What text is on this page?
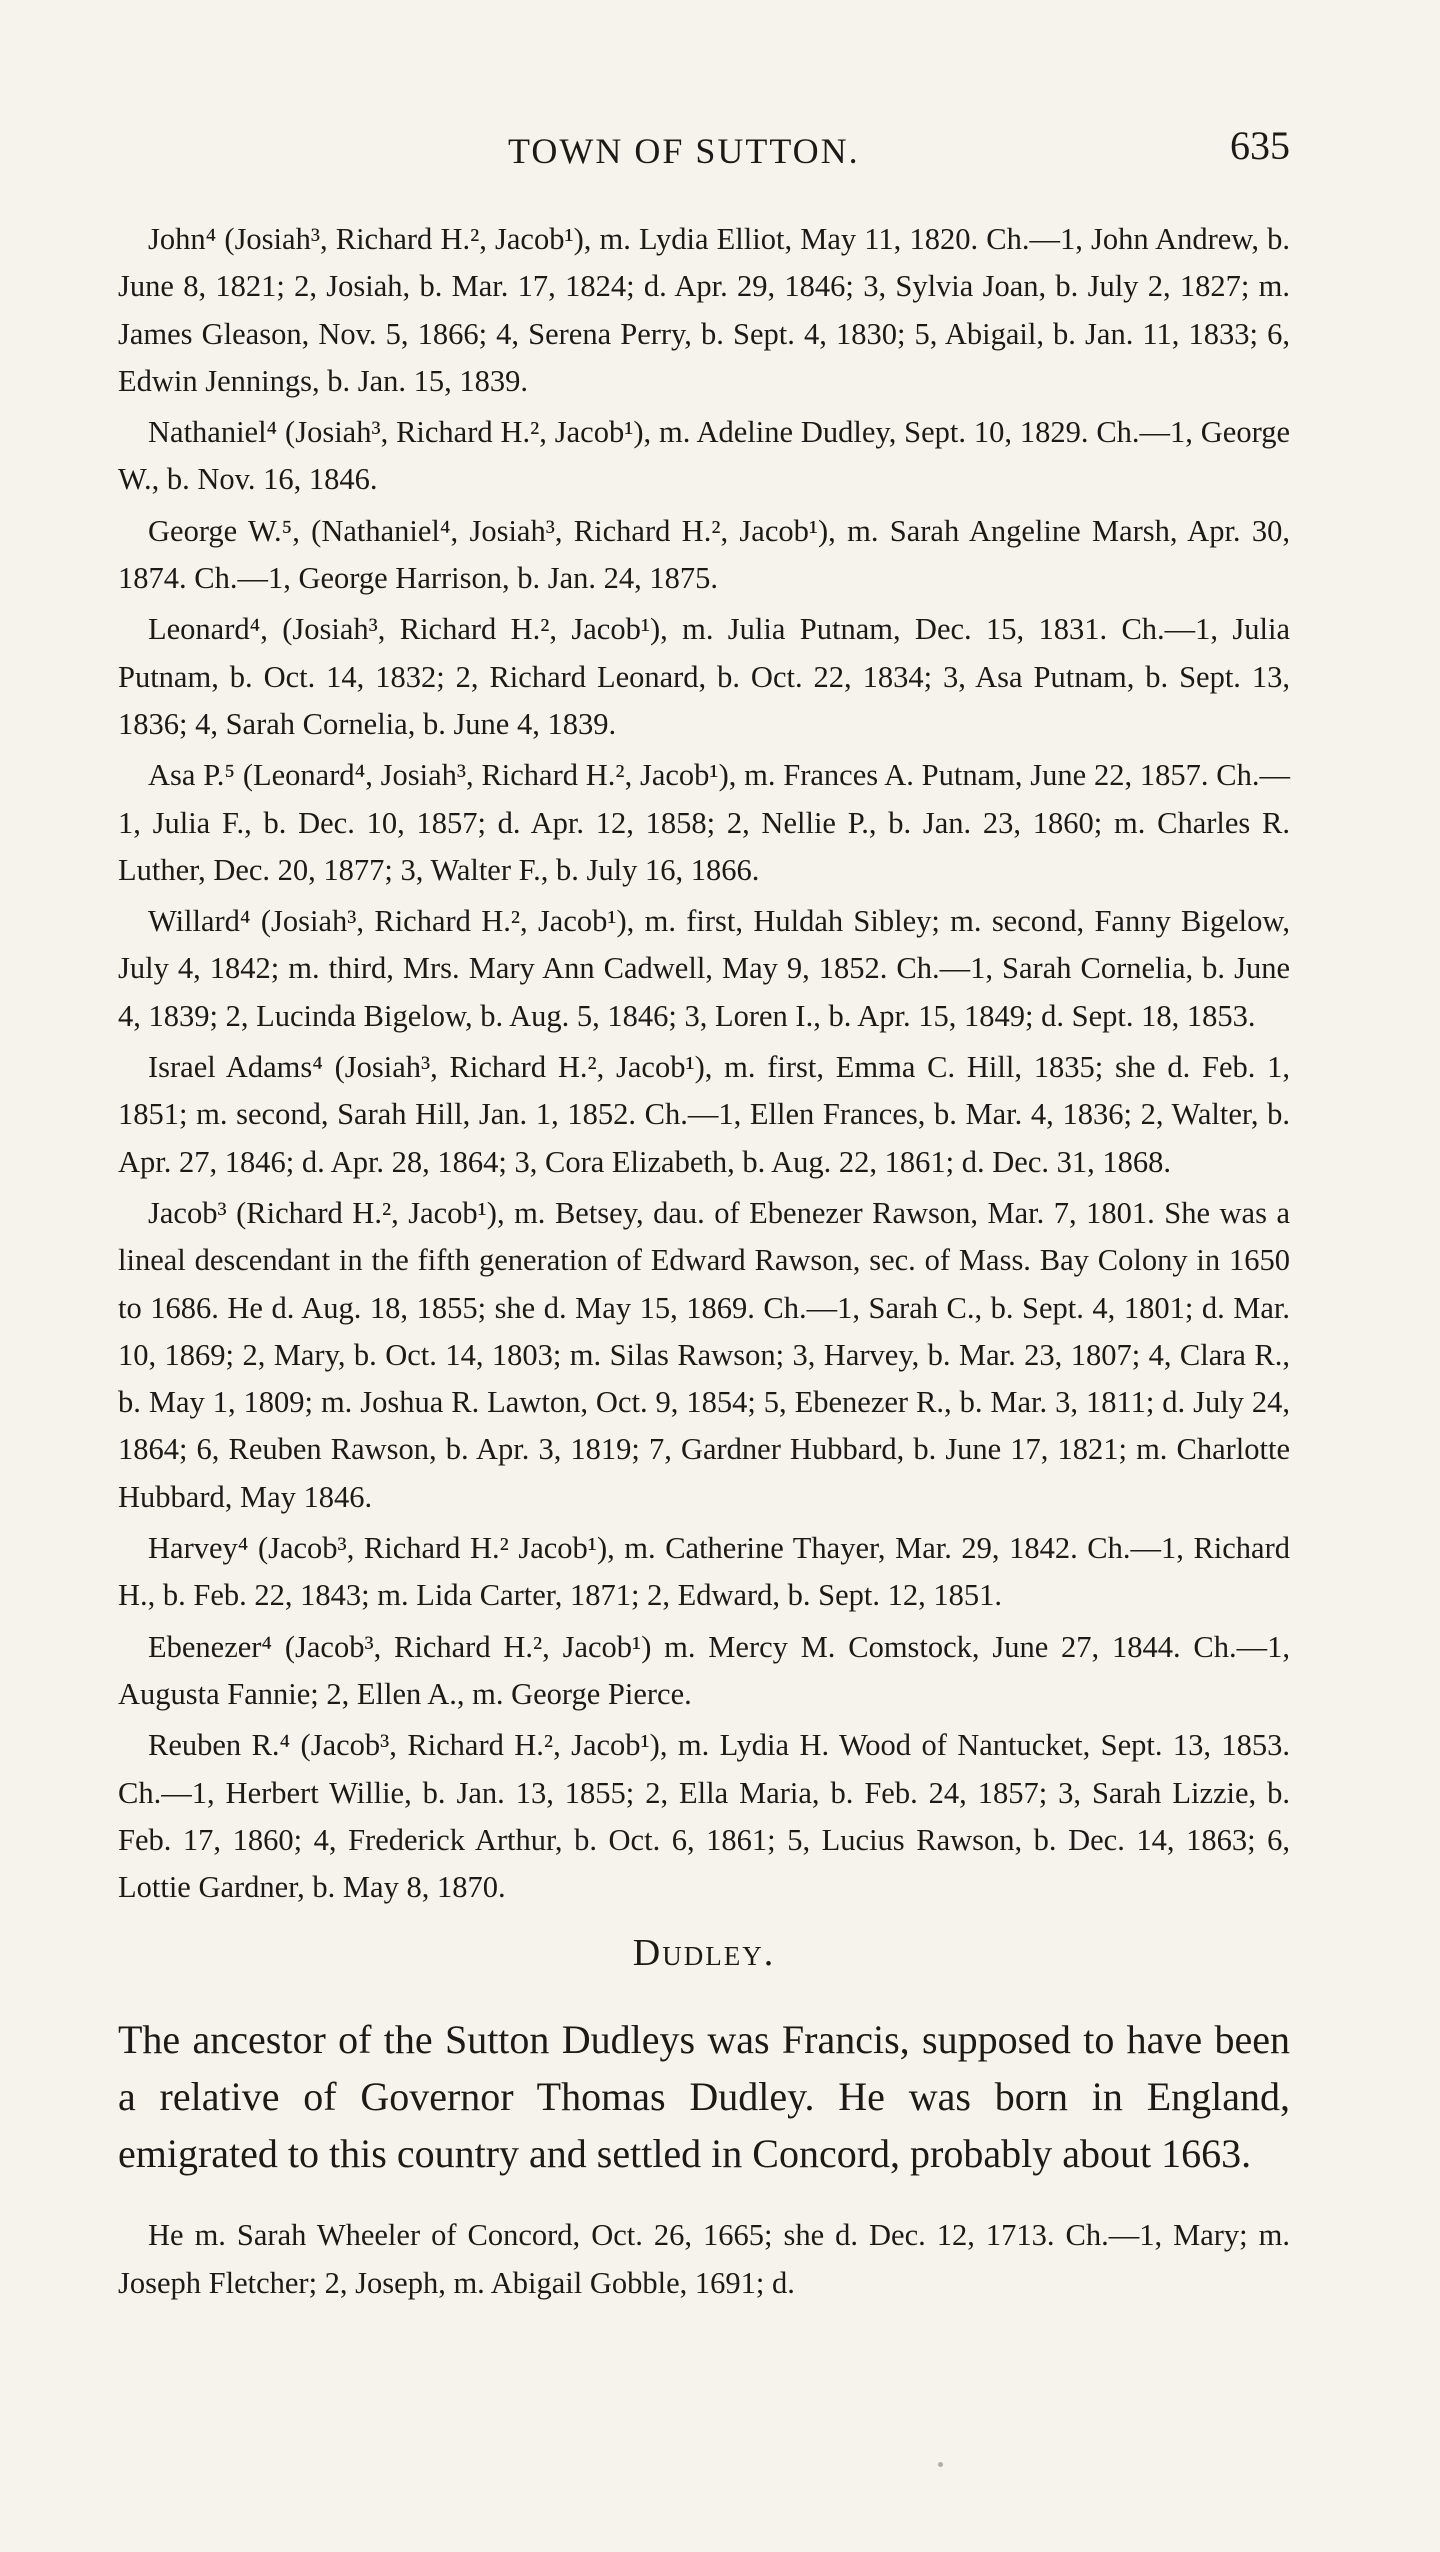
TOWN OF SUTTON.	635

John⁴ (Josiah³, Richard H.², Jacob¹), m. Lydia Elliot, May 11, 1820. Ch.—1, John Andrew, b. June 8, 1821; 2, Josiah, b. Mar. 17, 1824; d. Apr. 29, 1846; 3, Sylvia Joan, b. July 2, 1827; m. James Gleason, Nov. 5, 1866; 4, Serena Perry, b. Sept. 4, 1830; 5, Abigail, b. Jan. 11, 1833; 6, Edwin Jennings, b. Jan. 15, 1839.

Nathaniel⁴ (Josiah³, Richard H.², Jacob¹), m. Adeline Dudley, Sept. 10, 1829. Ch.—1, George W., b. Nov. 16, 1846.

George W.⁵, (Nathaniel⁴, Josiah³, Richard H.², Jacob¹), m. Sarah Angeline Marsh, Apr. 30, 1874. Ch.—1, George Harrison, b. Jan. 24, 1875.

Leonard⁴, (Josiah³, Richard H.², Jacob¹), m. Julia Putnam, Dec. 15, 1831. Ch.—1, Julia Putnam, b. Oct. 14, 1832; 2, Richard Leonard, b. Oct. 22, 1834; 3, Asa Putnam, b. Sept. 13, 1836; 4, Sarah Cornelia, b. June 4, 1839.

Asa P.⁵ (Leonard⁴, Josiah³, Richard H.², Jacob¹), m. Frances A. Putnam, June 22, 1857. Ch.—1, Julia F., b. Dec. 10, 1857; d. Apr. 12, 1858; 2, Nellie P., b. Jan. 23, 1860; m. Charles R. Luther, Dec. 20, 1877; 3, Walter F., b. July 16, 1866.

Willard⁴ (Josiah³, Richard H.², Jacob¹), m. first, Huldah Sibley; m. second, Fanny Bigelow, July 4, 1842; m. third, Mrs. Mary Ann Cadwell, May 9, 1852. Ch.—1, Sarah Cornelia, b. June 4, 1839; 2, Lucinda Bigelow, b. Aug. 5, 1846; 3, Loren I., b. Apr. 15, 1849; d. Sept. 18, 1853.

Israel Adams⁴ (Josiah³, Richard H.², Jacob¹), m. first, Emma C. Hill, 1835; she d. Feb. 1, 1851; m. second, Sarah Hill, Jan. 1, 1852. Ch.—1, Ellen Frances, b. Mar. 4, 1836; 2, Walter, b. Apr. 27, 1846; d. Apr. 28, 1864; 3, Cora Elizabeth, b. Aug. 22, 1861; d. Dec. 31, 1868.

Jacob³ (Richard H.², Jacob¹), m. Betsey, dau. of Ebenezer Rawson, Mar. 7, 1801. She was a lineal descendant in the fifth generation of Edward Rawson, sec. of Mass. Bay Colony in 1650 to 1686. He d. Aug. 18, 1855; she d. May 15, 1869. Ch.—1, Sarah C., b. Sept. 4, 1801; d. Mar. 10, 1869; 2, Mary, b. Oct. 14, 1803; m. Silas Rawson; 3, Harvey, b. Mar. 23, 1807; 4, Clara R., b. May 1, 1809; m. Joshua R. Lawton, Oct. 9, 1854; 5, Ebenezer R., b. Mar. 3, 1811; d. July 24, 1864; 6, Reuben Rawson, b. Apr. 3, 1819; 7, Gardner Hubbard, b. June 17, 1821; m. Charlotte Hubbard, May 1846.

Harvey⁴ (Jacob³, Richard H.² Jacob¹), m. Catherine Thayer, Mar. 29, 1842. Ch.—1, Richard H., b. Feb. 22, 1843; m. Lida Carter, 1871; 2, Edward, b. Sept. 12, 1851.

Ebenezer⁴ (Jacob³, Richard H.², Jacob¹) m. Mercy M. Comstock, June 27, 1844. Ch.—1, Augusta Fannie; 2, Ellen A., m. George Pierce.

Reuben R.⁴ (Jacob³, Richard H.², Jacob¹), m. Lydia H. Wood of Nantucket, Sept. 13, 1853. Ch.—1, Herbert Willie, b. Jan. 13, 1855; 2, Ella Maria, b. Feb. 24, 1857; 3, Sarah Lizzie, b. Feb. 17, 1860; 4, Frederick Arthur, b. Oct. 6, 1861; 5, Lucius Rawson, b. Dec. 14, 1863; 6, Lottie Gardner, b. May 8, 1870.

Dudley.

The ancestor of the Sutton Dudleys was Francis, supposed to have been a relative of Governor Thomas Dudley. He was born in England, emigrated to this country and settled in Concord, probably about 1663.

He m. Sarah Wheeler of Concord, Oct. 26, 1665; she d. Dec. 12, 1713. Ch.—1, Mary; m. Joseph Fletcher; 2, Joseph, m. Abigail Gobble, 1691; d.
